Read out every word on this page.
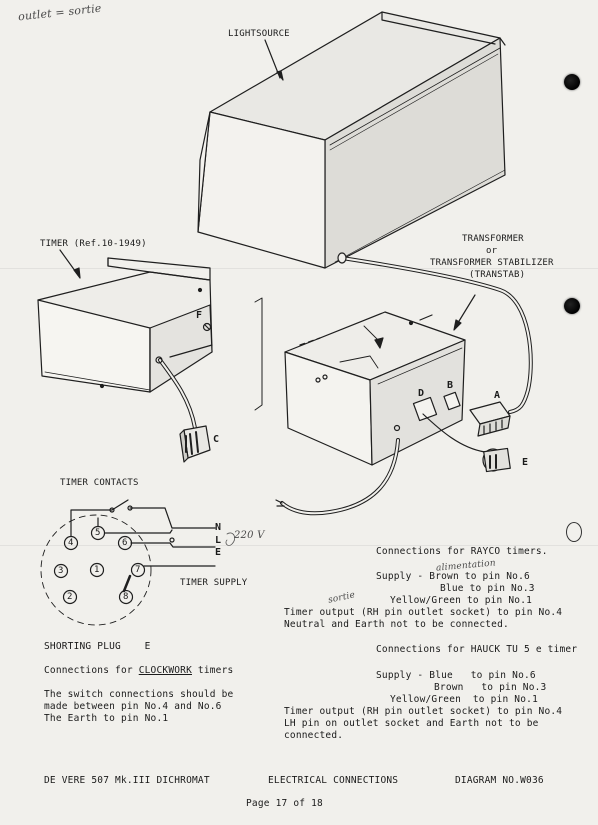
outlet = sortie
LIGHTSOURCE
TIMER (Ref.10-1949)	TRANSFORMER
or
TRANSFORMER STABILIZER
(TRANSTAB)
F
C
D
B
A
E
TIMER CONTACTS
TIMER SUPPLY
N
L
E
220 V
4
5
6
3	1	7
2	8
SHORTING PLUG    E
Connections for CLOCKWORK timers
The switch connections should be
made between pin No.4 and No.6
The Earth to pin No.1
Connections for RAYCO timers.
alimentation
Supply - Brown to pin No.6
Blue to pin No.3
Yellow/Green to pin No.1
sortie
Timer output (RH pin outlet socket) to pin No.4
Neutral and Earth not to be connected.
Connections for HAUCK TU 5 e timer
Supply - Blue   to pin No.6
Brown   to pin No.3
Yellow/Green  to pin No.1
Timer output (RH pin outlet socket) to pin No.4
LH pin on outlet socket and Earth not to be
connected.
DE VERE 507 Mk.III DICHROMAT	ELECTRICAL CONNECTIONS	DIAGRAM NO.W036
Page 17 of 18
